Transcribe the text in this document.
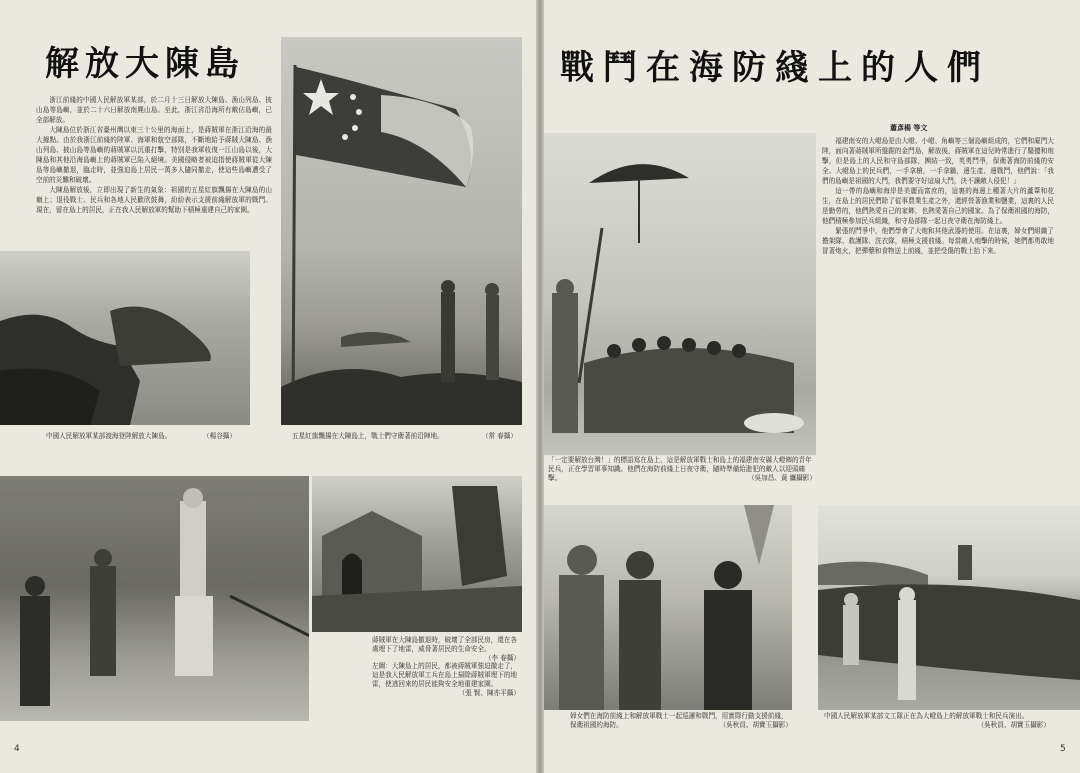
解放大陳島

浙江前綫的中國人民解放軍某部，於二月十三日解放大陳島、漁山列島、披山島等島嶼，並於二十六日解放南麂山島。至此，浙江省沿海所有敵佔島嶼，已全部解放。

大陳島位於浙江省臺州灣以東三十公里的海面上，是蔣賊軍在浙江沿海的最大據點。由於我浙江前綫的陸軍、海軍和航空部隊，不斷地給予蔣賊大陳島、漁山列島、披山島等島嶼的蔣賊軍以沉重打擊，特別是我軍收復一江山島以後，大陳島和其他沿海島嶼上的蔣賊軍已陷入絕境。美國侵略者被迫指使蔣賊軍從大陳島等島嶼撤退，臨走時，並強迫島上居民一萬多人隨同撤走，使這些島嶼遭受了空前的災難和破壞。

大陳島解放後，立即出現了新生的氣象：祖國的五星紅旗飄揚在大陳島的山巔上；退役戰士、民兵和各地人民歡欣鼓舞，紛紛表示支援前綫解放軍的戰鬥。現在，留在島上的居民，正在我人民解放軍的幫助下積極重建自己的家園。

中國人民解放軍某部渡海登陸解放大陳島。	（楊谷攝）	五星紅旗飄揚在大陳島上，戰士們守衛著前沿陣地。	（常 春攝）
蔣賊軍在大陳島撤退時，破壞了全部民房，還在各處埋下了地雷，威脅著居民的生命安全。
（李 春攝）
左圖：大陳島上的居民，都被蔣賊軍強迫撤走了，這是我人民解放軍工兵在島上掃除蔣賊軍埋下的地雷，使逃回來的居民能夠安全地重建家園。
（張 賢、陳亦平攝）
4
戰鬥在海防綫上的人們
蕭彥楊 等文

福建南安的大嶝島是由大嶝、小嶝、角嶼等三個島嶼組成的，它們和廈門大陸，面向著蔣賊軍所盤踞的金門島，解放後，蔣賊軍在這兒時常進行了騷擾和炮擊，但是島上的人民和守島部隊，團結一致，英勇鬥爭，保衛著海防前綫的安全。大嶝島上的民兵們，一手拿槍，一手拿鋤，邊生產、邊戰鬥，他們說：「我們的島嶼是祖國的大門，我們要守好這扇大門，決不讓敵人侵犯！」

這一帶的島嶼和海岸是美麗而富庶的，這裏的海邊上種著大片的蘆葦和花生，在島上的居民們除了從事農業生產之外，還經營著漁業和鹽業，這裏的人民是勤勞的，他們熱愛自己的家鄉，也熱愛著自己的國家。為了保衛祖國的海防，他們積極參加民兵組織，和守島部隊一起日夜守衛在海防綫上。

緊張的鬥爭中，他們學會了大炮和其他武器的使用。在這裏，婦女們組織了擔架隊、救護隊、洗衣隊，積極支援前綫。每當敵人炮擊的時候，她們都勇敢地冒著炮火，把彈藥和食物送上前綫，並把受傷的戰士抬下來。

「一定要解放台灣！」的標語寫在島上，這是解放軍戰士和島上的福建南安縣大嶝鄉的青年民兵，正在學習軍事知識。他們在海防前綫上日夜守衛，隨時準備給進犯的敵人以迎頭痛擊。	（吳加昌、黃 鷹攝影）
婦女們在海防前綫上和解放軍戰士一起巡邏和戰鬥，用實際行動支援前綫，保衛祖國的海防。	（吳秋員、胡寶玉攝影）
中國人民解放軍某部文工隊正在為大嶝島上的解放軍戰士和民兵演出。
（吳秋員、胡寶玉攝影）
5
